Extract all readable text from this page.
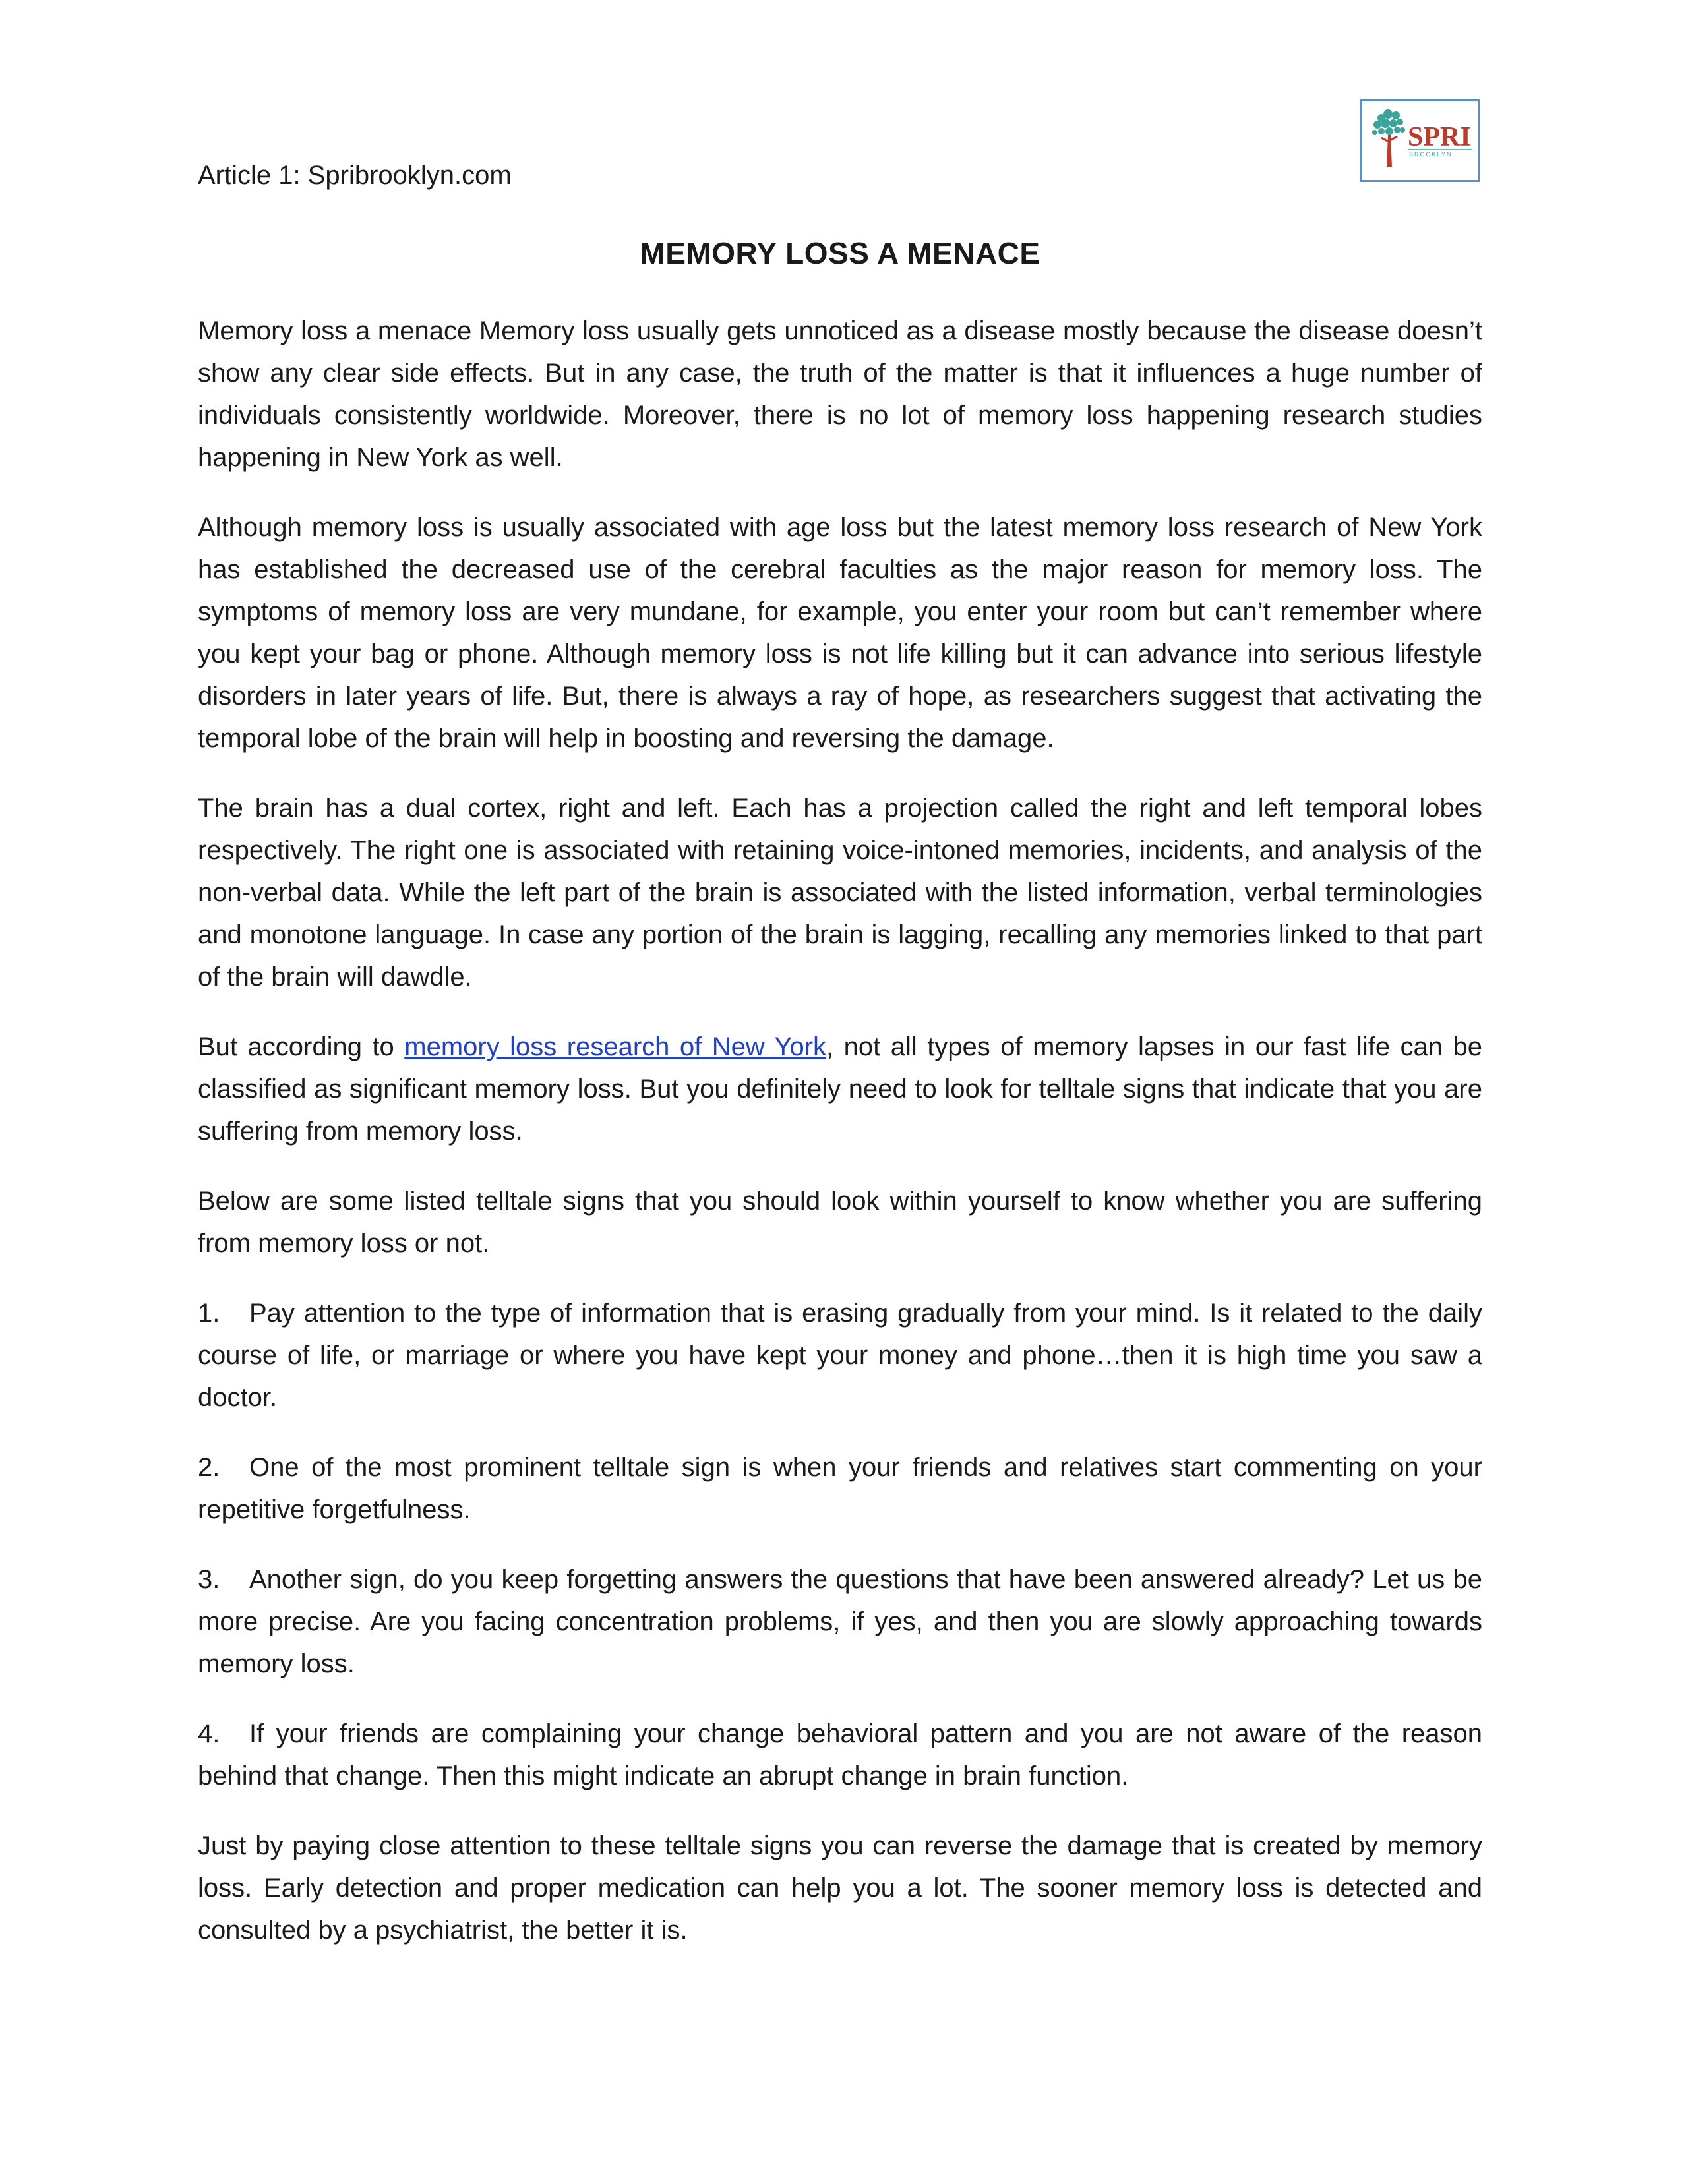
Article 1: Spribrooklyn.com
SPRI
BROOKLYN
MEMORY LOSS A MENACE

Memory loss a menace Memory loss usually gets unnoticed as a disease mostly because the disease doesn’t show any clear side effects. But in any case, the truth of the matter is that it influences a huge number of individuals consistently worldwide. Moreover, there is no lot of memory loss happening research studies happening in New York as well.

Although memory loss is usually associated with age loss but the latest memory loss research of New York has established the decreased use of the cerebral faculties as the major reason for memory loss. The symptoms of memory loss are very mundane, for example, you enter your room but can’t remember where you kept your bag or phone. Although memory loss is not life killing but it can advance into serious lifestyle disorders in later years of life. But, there is always a ray of hope, as researchers suggest that activating the temporal lobe of the brain will help in boosting and reversing the damage.

The brain has a dual cortex, right and left. Each has a projection called the right and left temporal lobes respectively. The right one is associated with retaining voice-intoned memories, incidents, and analysis of the non-verbal data. While the left part of the brain is associated with the listed information, verbal terminologies and monotone language. In case any portion of the brain is lagging, recalling any memories linked to that part of the brain will dawdle.

But according to memory loss research of New York, not all types of memory lapses in our fast life can be classified as significant memory loss. But you definitely need to look for telltale signs that indicate that you are suffering from memory loss.

Below are some listed telltale signs that you should look within yourself to know whether you are suffering from memory loss or not.

1. Pay attention to the type of information that is erasing gradually from your mind. Is it related to the daily course of life, or marriage or where you have kept your money and phone…then it is high time you saw a doctor.

2. One of the most prominent telltale sign is when your friends and relatives start commenting on your repetitive forgetfulness.

3. Another sign, do you keep forgetting answers the questions that have been answered already? Let us be more precise. Are you facing concentration problems, if yes, and then you are slowly approaching towards memory loss.

4. If your friends are complaining your change behavioral pattern and you are not aware of the reason behind that change. Then this might indicate an abrupt change in brain function.

Just by paying close attention to these telltale signs you can reverse the damage that is created by memory loss. Early detection and proper medication can help you a lot. The sooner memory loss is detected and consulted by a psychiatrist, the better it is.
